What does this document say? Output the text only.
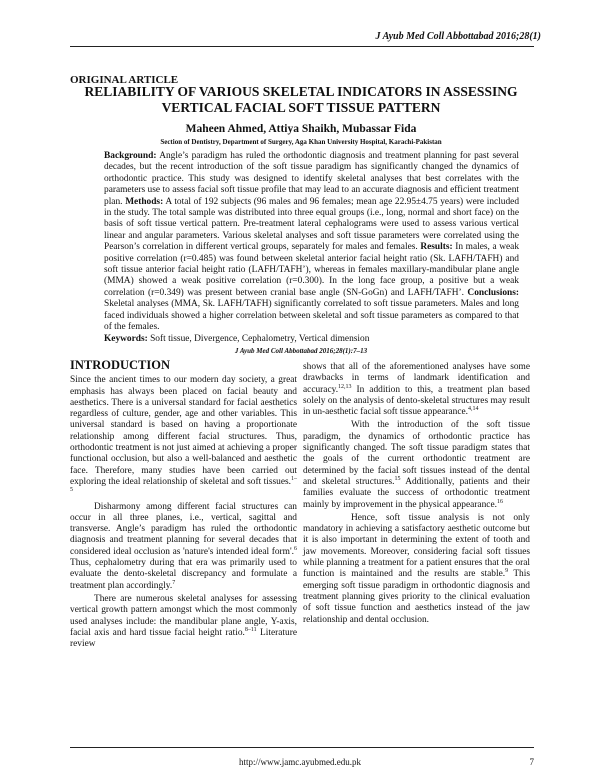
J Ayub Med Coll Abbottabad 2016;28(1)
ORIGINAL ARTICLE
RELIABILITY OF VARIOUS SKELETAL INDICATORS IN ASSESSING
VERTICAL FACIAL SOFT TISSUE PATTERN
Maheen Ahmed, Attiya Shaikh, Mubassar Fida
Section of Dentistry, Department of Surgery, Aga Khan University Hospital, Karachi-Pakistan

Background: Angle’s paradigm has ruled the orthodontic diagnosis and treatment planning for past several decades, but the recent introduction of the soft tissue paradigm has significantly changed the dynamics of orthodontic practice. This study was designed to identify skeletal analyses that best correlates with the parameters use to assess facial soft tissue profile that may lead to an accurate diagnosis and efficient treatment plan. Methods: A total of 192 subjects (96 males and 96 females; mean age 22.95±4.75 years) were included in the study. The total sample was distributed into three equal groups (i.e., long, normal and short face) on the basis of soft tissue vertical pattern. Pre-treatment lateral cephalograms were used to assess various vertical linear and angular parameters. Various skeletal analyses and soft tissue parameters were correlated using the Pearson’s correlation in different vertical groups, separately for males and females. Results: In males, a weak positive correlation (r=0.485) was found between skeletal anterior facial height ratio (Sk. LAFH/TAFH) and soft tissue anterior facial height ratio (LAFH/TAFH’), whereas in females maxillary-mandibular plane angle (MMA) showed a weak positive correlation (r=0.300). In the long face group, a positive but a weak correlation (r=0.349) was present between cranial base angle (SN-GoGn) and LAFH/TAFH’. Conclusions: Skeletal analyses (MMA, Sk. LAFH/TAFH) significantly correlated to soft tissue parameters. Males and long faced individuals showed a higher correlation between skeletal and soft tissue parameters as compared to that of the females.

Keywords: Soft tissue, Divergence, Cephalometry, Vertical dimension

J Ayub Med Coll Abbottabad 2016;28(1):7–13
INTRODUCTION

Since the ancient times to our modern day society, a great emphasis has always been placed on facial beauty and aesthetics. There is a universal standard for facial aesthetics regardless of culture, gender, age and other variables. This universal standard is based on having a proportionate relationship among different facial structures. Thus, orthodontic treatment is not just aimed at achieving a proper functional occlusion, but also a well-balanced and aesthetic face. Therefore, many studies have been carried out exploring the ideal relationship of skeletal and soft tissues.$^{1-5}$

Disharmony among different facial structures can occur in all three planes, i.e., vertical, sagittal and transverse. Angle’s paradigm has ruled the orthodontic diagnosis and treatment planning for several decades that considered ideal occlusion as 'nature's intended ideal form'.$^6$ Thus, cephalometry during that era was primarily used to evaluate the dento-skeletal discrepancy and formulate a treatment plan accordingly.$^7$

There are numerous skeletal analyses for assessing vertical growth pattern amongst which the most commonly used analyses include: the mandibular plane angle, Y-axis, facial axis and hard tissue facial height ratio.$^{8-11}$ Literature review

shows that all of the aforementioned analyses have some drawbacks in terms of landmark identification and accuracy.$^{12,13}$ In addition to this, a treatment plan based solely on the analysis of dento-skeletal structures may result in un-aesthetic facial soft tissue appearance.$^{4,14}$

With the introduction of the soft tissue paradigm, the dynamics of orthodontic practice has significantly changed. The soft tissue paradigm states that the goals of the current orthodontic treatment are determined by the facial soft tissues instead of the dental and skeletal structures.$^{15}$ Additionally, patients and their families evaluate the success of orthodontic treatment mainly by improvement in the physical appearance.$^{16}$

Hence, soft tissue analysis is not only mandatory in achieving a satisfactory aesthetic outcome but it is also important in determining the extent of tooth and jaw movements. Moreover, considering facial soft tissues while planning a treatment for a patient ensures that the oral function is maintained and the results are stable.$^9$ This emerging soft tissue paradigm in orthodontic diagnosis and treatment planning gives priority to the clinical evaluation of soft tissue function and aesthetics instead of the jaw relationship and dental occlusion.

http://www.jamc.ayubmed.edu.pk	7
